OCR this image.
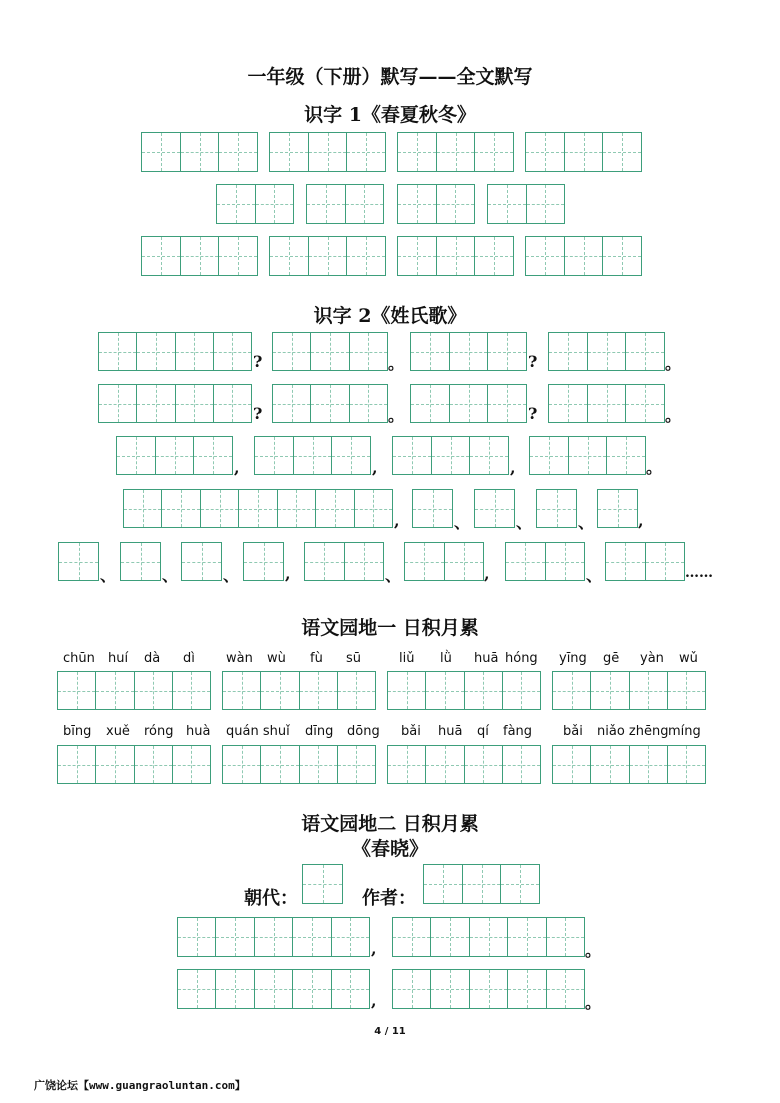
一年级（下册）默写——全文默写
识字 1《春夏秋冬》
识字 2《姓氏歌》
?	。	?	。
?	。	?	。
,	,	,	。
,	、	、	、	,
、	、	、	,	、	,	、	……
语文园地一 日积月累
chūn huí dà dì wàn wù fù sū	liǔ lǜ huā hóng yīng gē yàn wǔ
bīng xuě róng huà quán shuǐ dīng dōng bǎi huā qí fàng bǎi niǎo zhēng míng
语文园地二 日积月累
《春晓》
朝代：	作者：
,	。
,	。
4 / 11
广饶论坛【www.guangraoluntan.com】
